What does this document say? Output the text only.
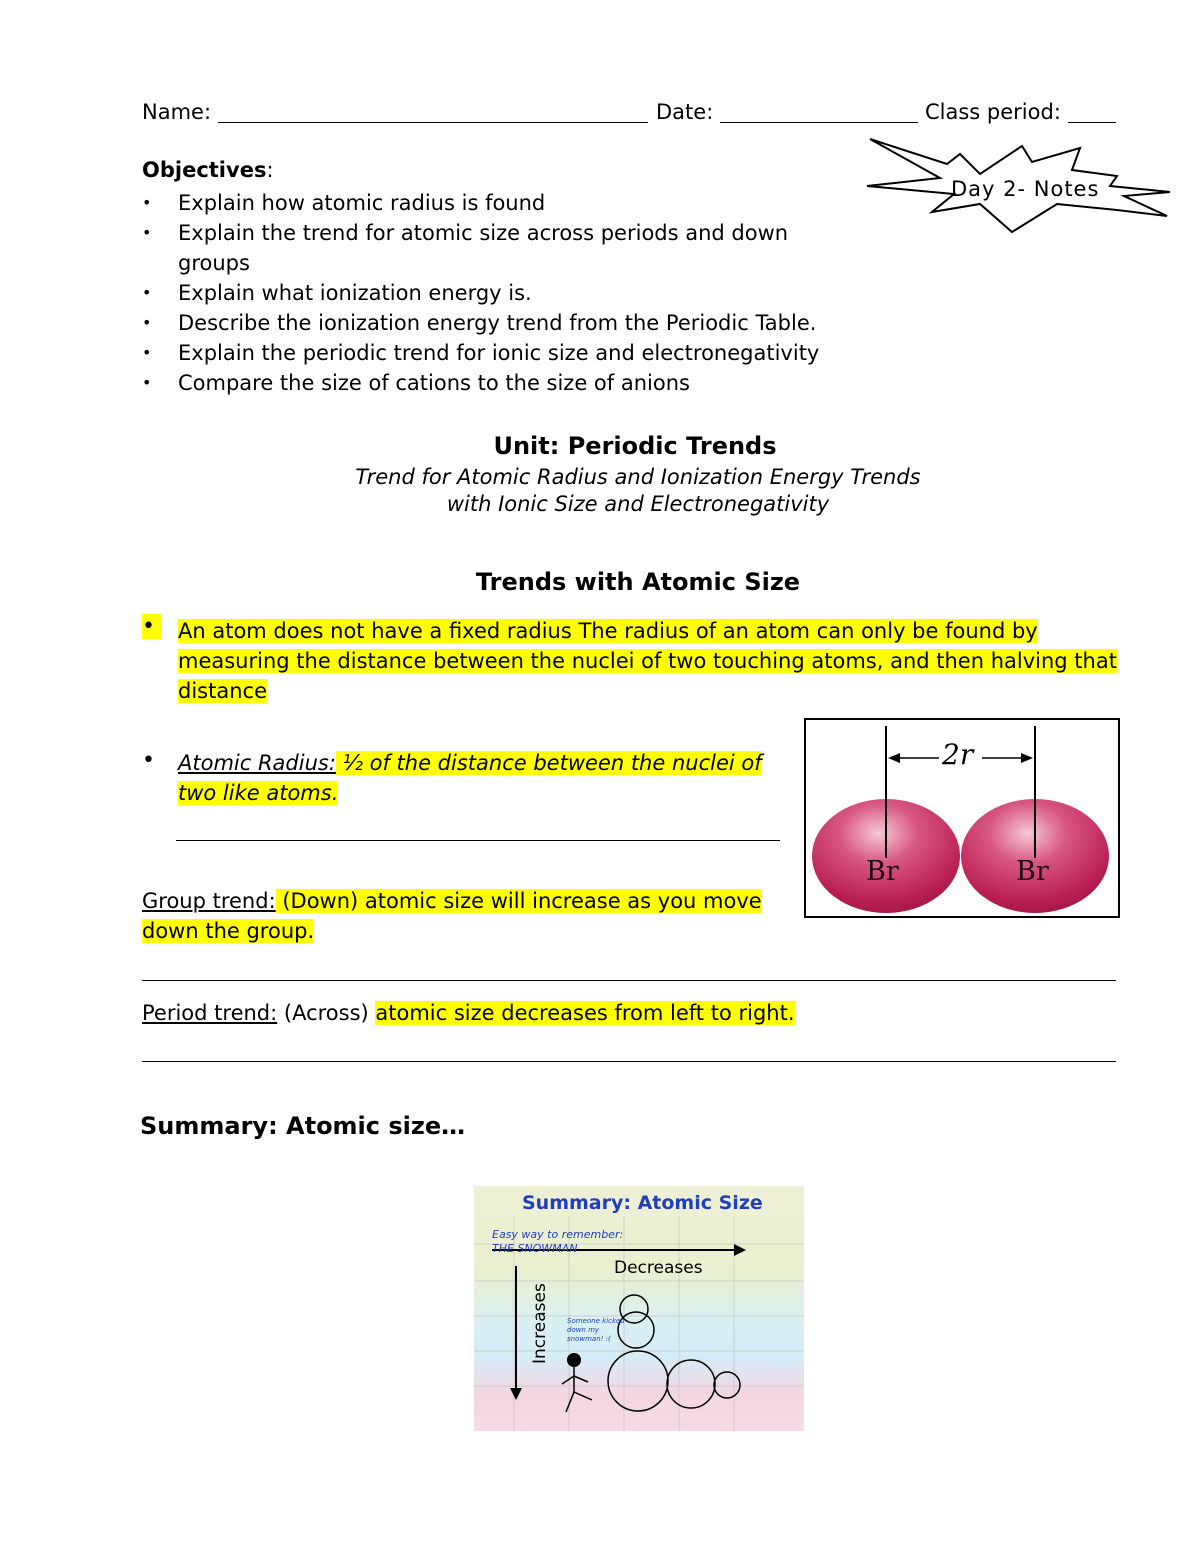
Name:	Date:	Class period:
Day 2- Notes
Objectives:
• Explain how atomic radius is found
• Explain the trend for atomic size across periods and down groups
• Explain what ionization energy is.
• Describe the ionization energy trend from the Periodic Table.
• Explain the periodic trend for ionic size and electronegativity
• Compare the size of cations to the size of anions
Unit: Periodic Trends
Trend for Atomic Radius and Ionization Energy Trends
with Ionic Size and Electronegativity
Trends with Atomic Size
•	An atom does not have a fixed radius The radius of an atom can only be found by
measuring the distance between the nuclei of two touching atoms, and then halving that
distance
•	Atomic Radius: ½ of the distance between the nuclei of
two like atoms.
2r
Br	Br
Group trend: (Down) atomic size will increase as you move
down the group.
Period trend: (Across) atomic size decreases from left to right.
Summary: Atomic size…
Summary: Atomic Size
Easy way to remember:
THE SNOWMAN
Decreases
Increases Someone kicked
down my
snowman! :(
